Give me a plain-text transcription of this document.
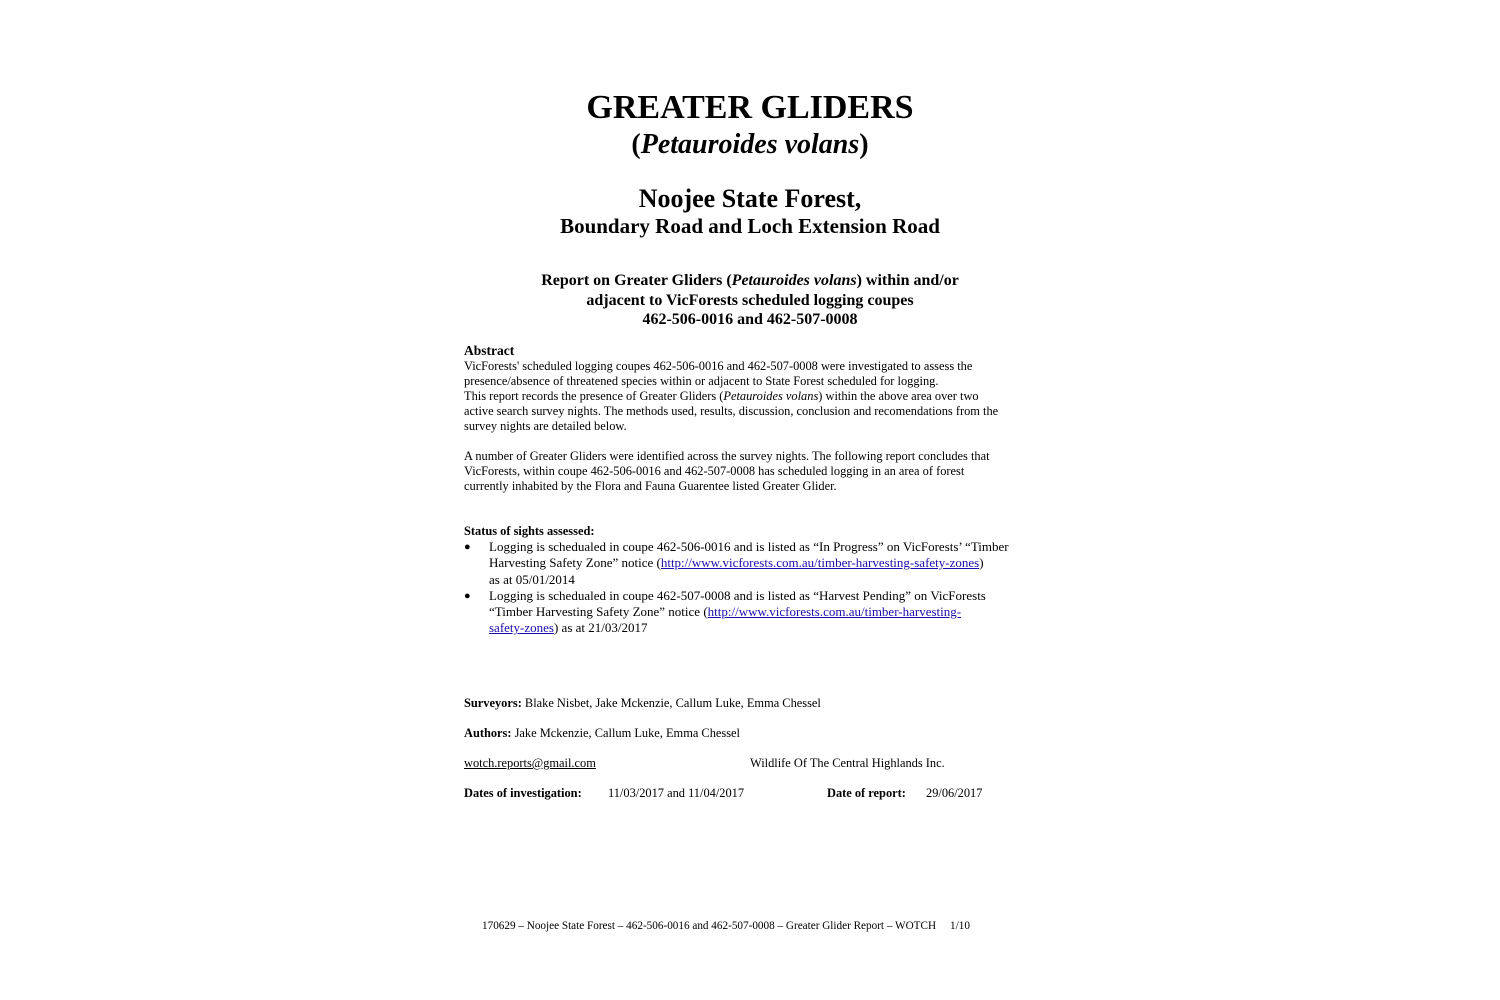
GREATER GLIDERS
(Petauroides volans)
Noojee State Forest,
Boundary Road and Loch Extension Road
Report on Greater Gliders (Petauroides volans) within and/or
adjacent to VicForests scheduled logging coupes
462-506-0016 and 462-507-0008
Abstract
VicForests' scheduled logging coupes 462-506-0016 and 462-507-0008 were investigated to assess the
presence/absence of threatened species within or adjacent to State Forest scheduled for logging.
This report records the presence of Greater Gliders (Petauroides volans) within the above area over two
active search survey nights. The methods used, results, discussion, conclusion and recomendations from the
survey nights are detailed below.
A number of Greater Gliders were identified across the survey nights. The following report concludes that
VicForests, within coupe 462-506-0016 and 462-507-0008 has scheduled logging in an area of forest
currently inhabited by the Flora and Fauna Guarentee listed Greater Glider.
Status of sights assessed:
● Logging is schedualed in coupe 462-506-0016 and is listed as “In Progress” on VicForests’ “Timber
Harvesting Safety Zone” notice (http://www.vicforests.com.au/timber-harvesting-safety-zones)
as at 05/01/2014
● Logging is schedualed in coupe 462-507-0008 and is listed as “Harvest Pending” on VicForests
“Timber Harvesting Safety Zone” notice (http://www.vicforests.com.au/timber-harvesting-
safety-zones) as at 21/03/2017
Surveyors: Blake Nisbet, Jake Mckenzie, Callum Luke, Emma Chessel
Authors: Jake Mckenzie, Callum Luke, Emma Chessel
wotch.reports@gmail.com	Wildlife Of The Central Highlands Inc.
Dates of investigation: 11/03/2017 and 11/04/2017	Date of report: 29/06/2017
170629 – Noojee State Forest – 462-506-0016 and 462-507-0008 – Greater Glider Report – WOTCH 1/10
